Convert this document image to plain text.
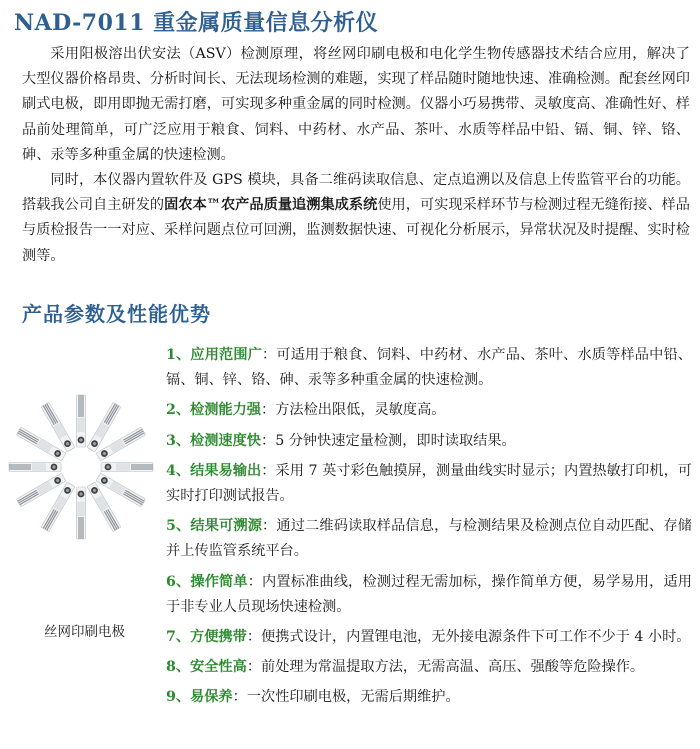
NAD-7011 重金属质量信息分析仪

采用阳极溶出伏安法（ASV）检测原理，将丝网印刷电极和电化学生物传感器技术结合应用，解决了大型仪器价格昂贵、分析时间长、无法现场检测的难题，实现了样品随时随地快速、准确检测。配套丝网印刷式电极，即用即抛无需打磨，可实现多种重金属的同时检测。仪器小巧易携带、灵敏度高、准确性好、样品前处理简单，可广泛应用于粮食、饲料、中药材、水产品、茶叶、水质等样品中铅、镉、铜、锌、铬、砷、汞等多种重金属的快速检测。

同时，本仪器内置软件及 GPS 模块，具备二维码读取信息、定点追溯以及信息上传监管平台的功能。搭载我公司自主研发的固农本™农产品质量追溯集成系统使用，可实现采样环节与检测过程无缝衔接、样品与质检报告一一对应、采样问题点位可回溯，监测数据快速、可视化分析展示，异常状况及时提醒、实时检测等。

产品参数及性能优势

丝网印刷电极

1、应用范围广：可适用于粮食、饲料、中药材、水产品、茶叶、水质等样品中铅、镉、铜、锌、铬、砷、汞等多种重金属的快速检测。
2、检测能力强：方法检出限低，灵敏度高。
3、检测速度快：5 分钟快速定量检测，即时读取结果。
4、结果易输出：采用 7 英寸彩色触摸屏，测量曲线实时显示；内置热敏打印机，可实时打印测试报告。
5、结果可溯源：通过二维码读取样品信息，与检测结果及检测点位自动匹配、存储并上传监管系统平台。
6、操作简单：内置标准曲线，检测过程无需加标，操作简单方便，易学易用，适用于非专业人员现场快速检测。
7、方便携带：便携式设计，内置锂电池，无外接电源条件下可工作不少于 4 小时。
8、安全性高：前处理为常温提取方法，无需高温、高压、强酸等危险操作。
9、易保养：一次性印刷电极，无需后期维护。
